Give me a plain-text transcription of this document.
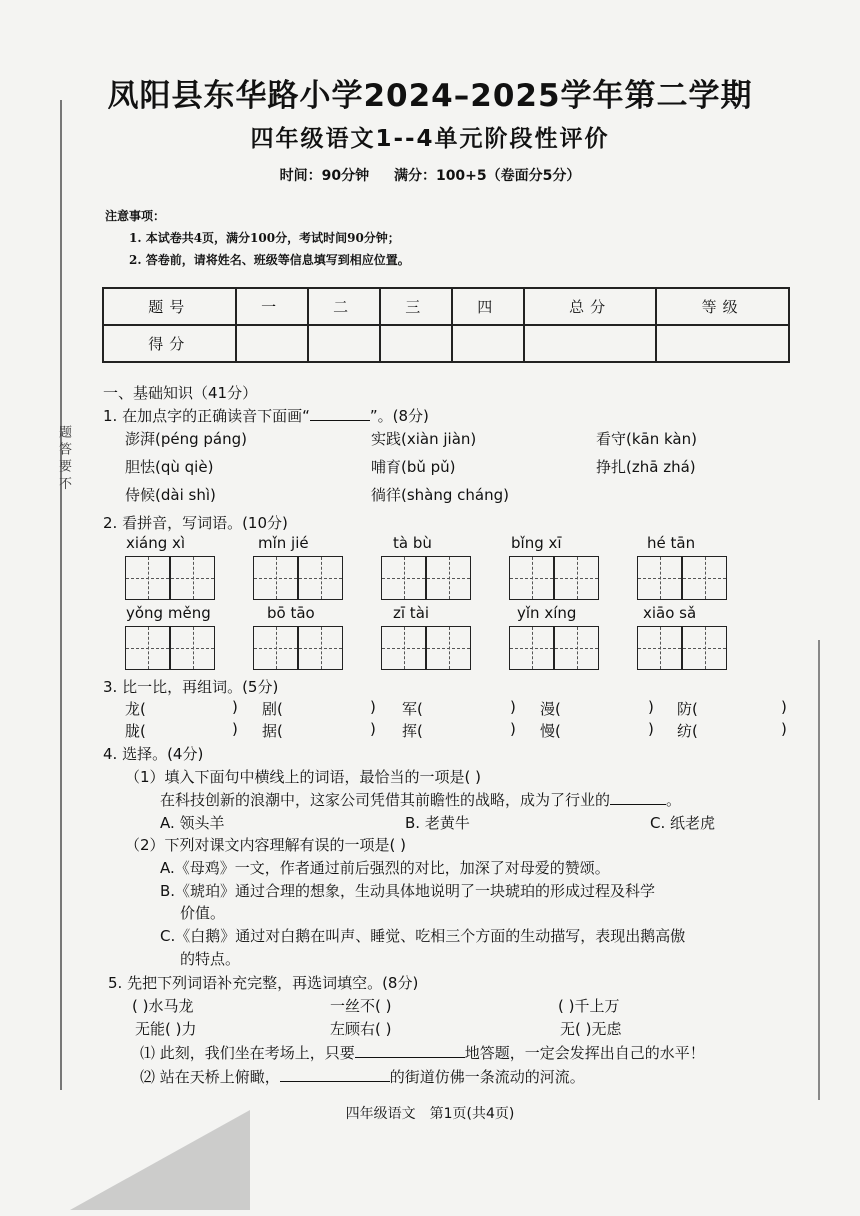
题 答 要 不
凤阳县东华路小学2024–2025学年第二学期
四年级语文1--4单元阶段性评价
时间：90分钟 满分：100+5（卷面分5分）
注意事项：
1. 本试卷共4页，满分100分，考试时间90分钟；
2. 答卷前，请将姓名、班级等信息填写到相应位置。
题号	一	二	三	四	总分	等级
得分						
一、基础知识（41分）
1. 在加点字的正确读音下面画“	”。(8分)
澎湃(péng páng)	实践(xiàn jiàn)	看守(kān kàn)
胆怯(qù qiè)	哺育(bǔ pǔ)	挣扎(zhā zhá)
侍候(dài shì)	徜徉(shàng cháng)
2. 看拼音，写词语。(10分)
xiáng xì	mǐn jié	tà bù	bǐng xī	hé tān
yǒng měng	bō tāo	zī tài	yǐn xíng	xiāo sǎ
3. 比一比，再组词。(5分)
龙(	) 剧(	) 军(	) 漫(	) 防(	)
胧(	) 据(	) 挥(	) 慢(	) 纺(	)
4. 选择。(4分)
（1）填入下面句中横线上的词语，最恰当的一项是( )
在科技创新的浪潮中，这家公司凭借其前瞻性的战略，成为了行业的	。
A. 领头羊	B. 老黄牛	C. 纸老虎
（2）下列对课文内容理解有误的一项是( )
A.《母鸡》一文，作者通过前后强烈的对比，加深了对母爱的赞颂。
B.《琥珀》通过合理的想象，生动具体地说明了一块琥珀的形成过程及科学
价值。
C.《白鹅》通过对白鹅在叫声、睡觉、吃相三个方面的生动描写，表现出鹅高傲
的特点。
5. 先把下列词语补充完整，再选词填空。(8分)
( )水马龙	一丝不( )	( )千上万
无能( )力	左顾右( )	无( )无虑
⑴ 此刻，我们坐在考场上，只要	地答题，一定会发挥出自己的水平！
⑵ 站在天桥上俯瞰，	的街道仿佛一条流动的河流。
四年级语文　第1页(共4页)
